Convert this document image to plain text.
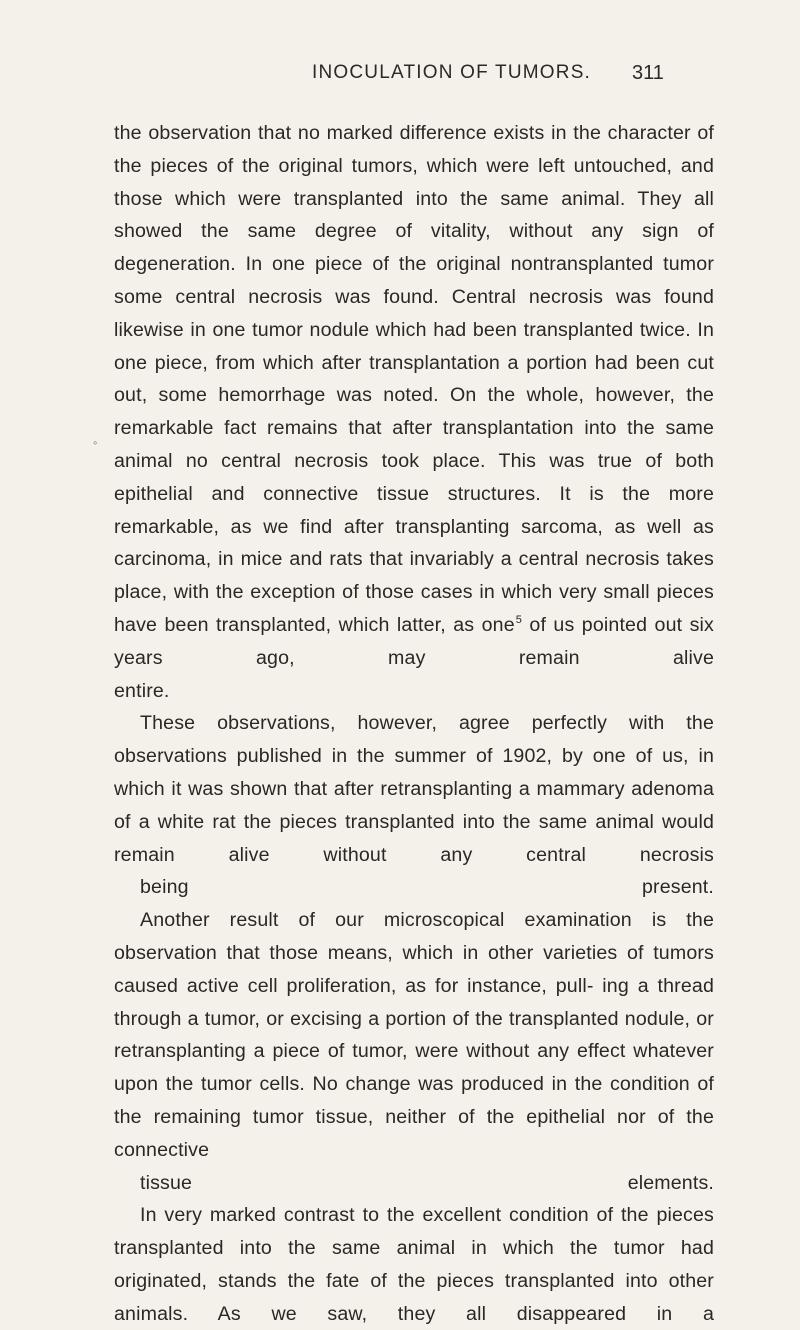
INOCULATION OF TUMORS. 311

the observation that no marked difference exists in the character of the pieces of the original tumors, which were left untouched, and those which were transplanted into the same animal. They all showed the same degree of vitality, without any sign of degeneration. In one piece of the original nontransplanted tumor some central necrosis was found. Central necrosis was found likewise in one tumor nodule which had been transplanted twice. In one piece, from which after transplantation a portion had been cut out, some hemorrhage was noted. On the whole, however, the remarkable fact remains that after transplantation into the same animal no central necrosis took place. This was true of both epithelial and connective tissue structures. It is the more remarkable, as we find after transplanting sarcoma, as well as carcinoma, in mice and rats that invariably a central necrosis takes place, with the exception of those cases in which very small pieces have been transplanted, which latter, as one$^5$ of us pointed out six years ago, may remain alive
entire.

These observations, however, agree perfectly with the observations published in the summer of 1902, by one of us, in which it was shown that after retransplanting a mammary adenoma of a white rat the pieces transplanted into the same animal would remain alive without any central necrosis
being present.

Another result of our microscopical examination is the observation that those means, which in other varieties of tumors caused active cell proliferation, as for instance, pull- ing a thread through a tumor, or excising a portion of the transplanted nodule, or retransplanting a piece of tumor, were without any effect whatever upon the tumor cells. No change was produced in the condition of the remaining tumor tissue, neither of the epithelial nor of the connective
tissue elements.

In very marked contrast to the excellent condition of the pieces transplanted into the same animal in which the tumor had originated, stands the fate of the pieces transplanted into other animals. As we saw, they all disappeared in a

∘
